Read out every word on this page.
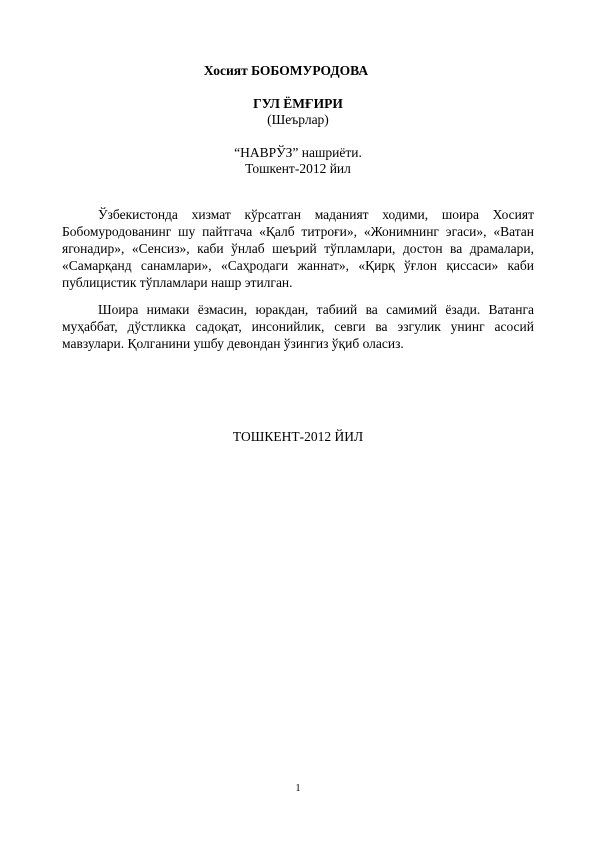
Хосият БОБОМУРОДОВА
ГУЛ ЁМҒИРИ
(Шеърлар)
“НАВРЎЗ” нашриёти.
Тошкент-2012 йил

Ўзбекистонда хизмат кўрсатган маданият ходими, шоира Хосият Бобомуродованинг шу пайтгача «Қалб титроғи», «Жонимнинг эгаси», «Ватан ягонадир», «Сенсиз», каби ўнлаб шеърий тўпламлари, достон ва драмалари, «Самарқанд санамлари», «Саҳродаги жаннат», «Қирқ ўғлон қиссаси» каби публицистик тўпламлари нашр этилган.

Шоира нимаки ёзмасин, юракдан, табиий ва самимий ёзади. Ватанга муҳаббат, дўстликка садоқат, инсонийлик, севги ва эзгулик унинг асосий мавзулари. Қолганини ушбу девондан ўзингиз ўқиб оласиз.

ТОШКЕНТ-2012 ЙИЛ
1
